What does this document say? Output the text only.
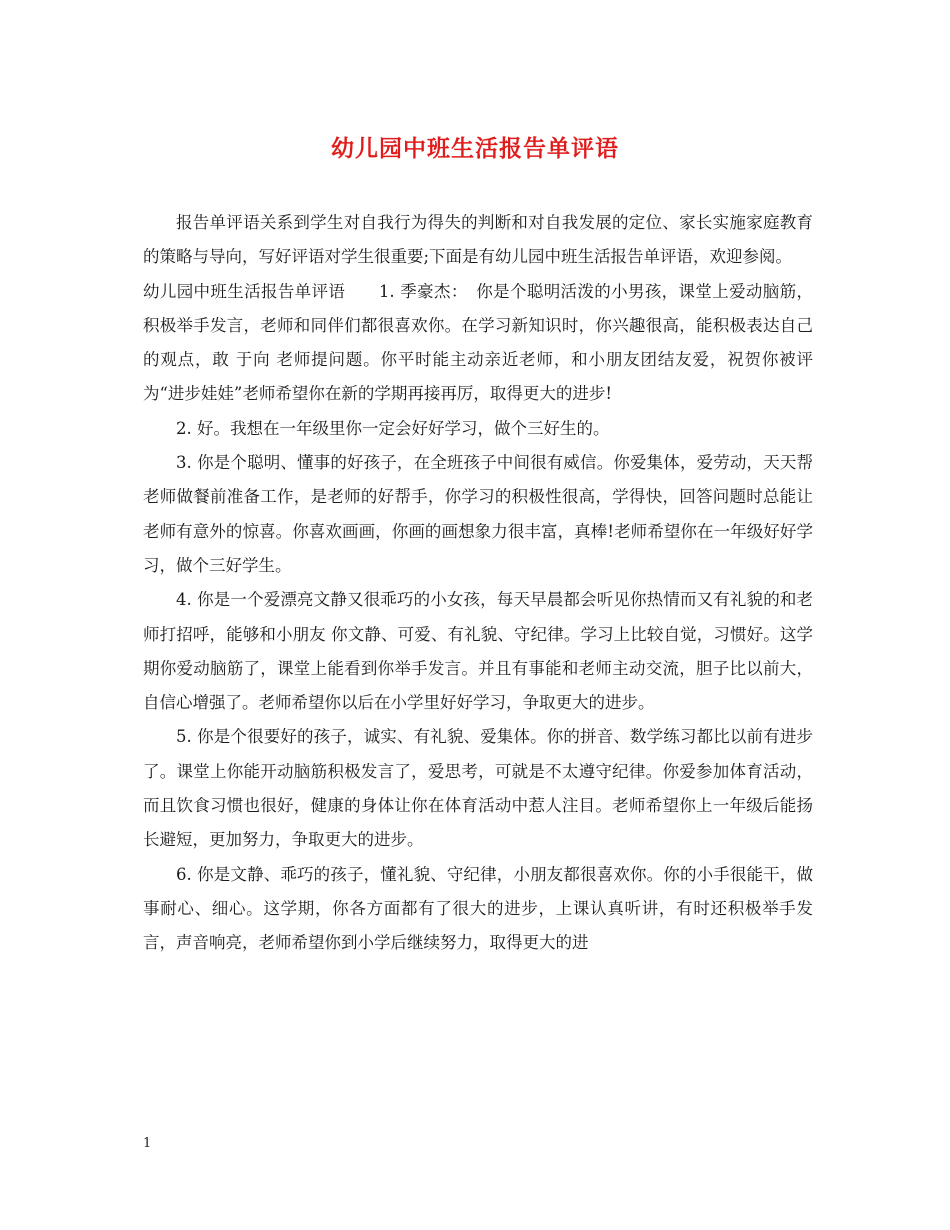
幼儿园中班生活报告单评语

报告单评语关系到学生对自我行为得失的判断和对自我发展的定位、家长实施家庭教育的策略与导向，写好评语对学生很重要;下面是有幼儿园中班生活报告单评语，欢迎参阅。

幼儿园中班生活报告单评语　　1. 季豪杰：　你是个聪明活泼的小男孩，课堂上爱动脑筋，积极举手发言，老师和同伴们都很喜欢你。在学习新知识时，你兴趣很高，能积极表达自己的观点，敢 于向 老师提问题。你平时能主动亲近老师，和小朋友团结友爱，祝贺你被评为“进步娃娃”老师希望你在新的学期再接再厉，取得更大的进步!

2. 好。我想在一年级里你一定会好好学习，做个三好生的。

3. 你是个聪明、懂事的好孩子，在全班孩子中间很有威信。你爱集体，爱劳动，天天帮老师做餐前准备工作，是老师的好帮手，你学习的积极性很高，学得快，回答问题时总能让老师有意外的惊喜。你喜欢画画，你画的画想象力很丰富，真棒!老师希望你在一年级好好学习，做个三好学生。

4. 你是一个爱漂亮文静又很乖巧的小女孩，每天早晨都会听见你热情而又有礼貌的和老师打招呼，能够和小朋友 你文静、可爱、有礼貌、守纪律。学习上比较自觉，习惯好。这学期你爱动脑筋了，课堂上能看到你举手发言。并且有事能和老师主动交流，胆子比以前大，自信心增强了。老师希望你以后在小学里好好学习，争取更大的进步。

5. 你是个很要好的孩子，诚实、有礼貌、爱集体。你的拼音、数学练习都比以前有进步了。课堂上你能开动脑筋积极发言了，爱思考，可就是不太遵守纪律。你爱参加体育活动，而且饮食习惯也很好，健康的身体让你在体育活动中惹人注目。老师希望你上一年级后能扬长避短，更加努力，争取更大的进步。

6. 你是文静、乖巧的孩子，懂礼貌、守纪律，小朋友都很喜欢你。你的小手很能干，做事耐心、细心。这学期，你各方面都有了很大的进步，上课认真听讲，有时还积极举手发言，声音响亮，老师希望你到小学后继续努力，取得更大的进

1
